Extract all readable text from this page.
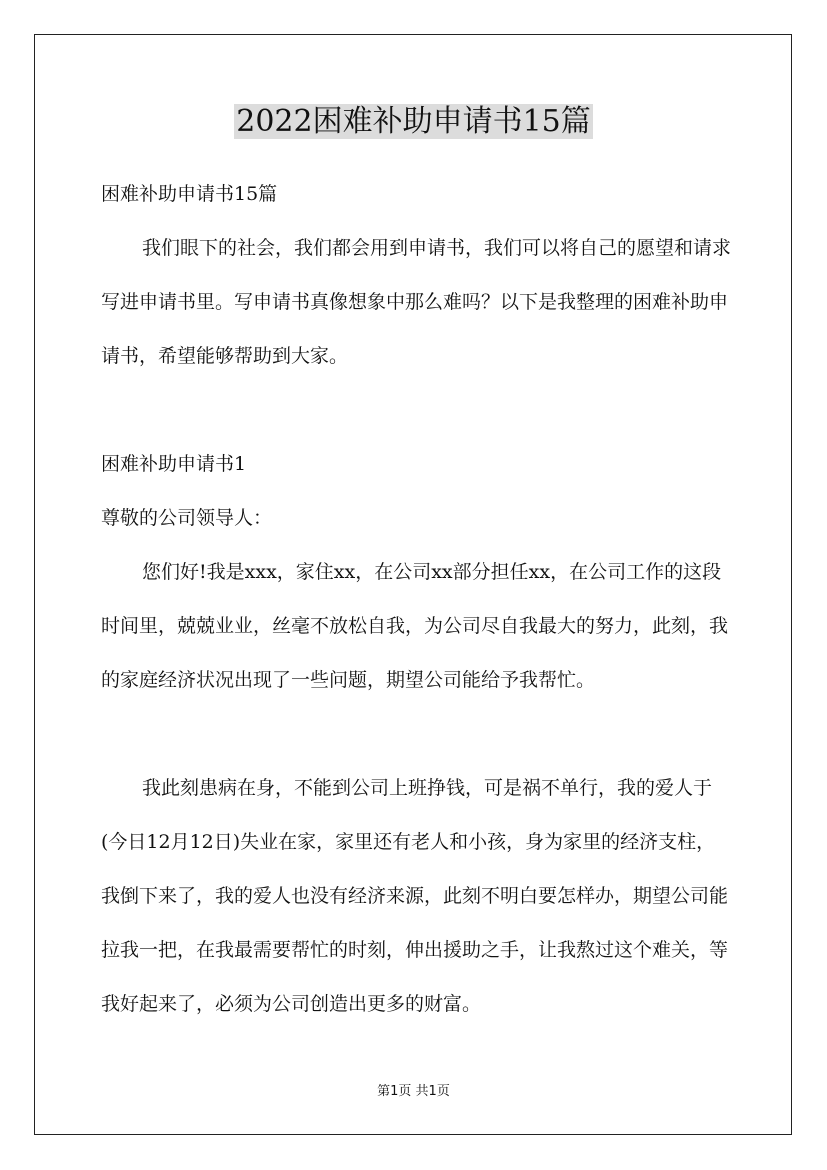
2022困难补助申请书15篇

困难补助申请书15篇

我们眼下的社会，我们都会用到申请书，我们可以将自己的愿望和请求写进申请书里。写申请书真像想象中那么难吗？以下是我整理的困难补助申请书，希望能够帮助到大家。

困难补助申请书1

尊敬的公司领导人：

您们好!我是xxx，家住xx，在公司xx部分担任xx，在公司工作的这段时间里，兢兢业业，丝毫不放松自我，为公司尽自我最大的努力，此刻，我的家庭经济状况出现了一些问题，期望公司能给予我帮忙。

我此刻患病在身，不能到公司上班挣钱，可是祸不单行，我的爱人于(今日12月12日)失业在家，家里还有老人和小孩，身为家里的经济支柱，我倒下来了，我的爱人也没有经济来源，此刻不明白要怎样办，期望公司能拉我一把，在我最需要帮忙的时刻，伸出援助之手，让我熬过这个难关，等我好起来了，必须为公司创造出更多的财富。

第1页 共1页
